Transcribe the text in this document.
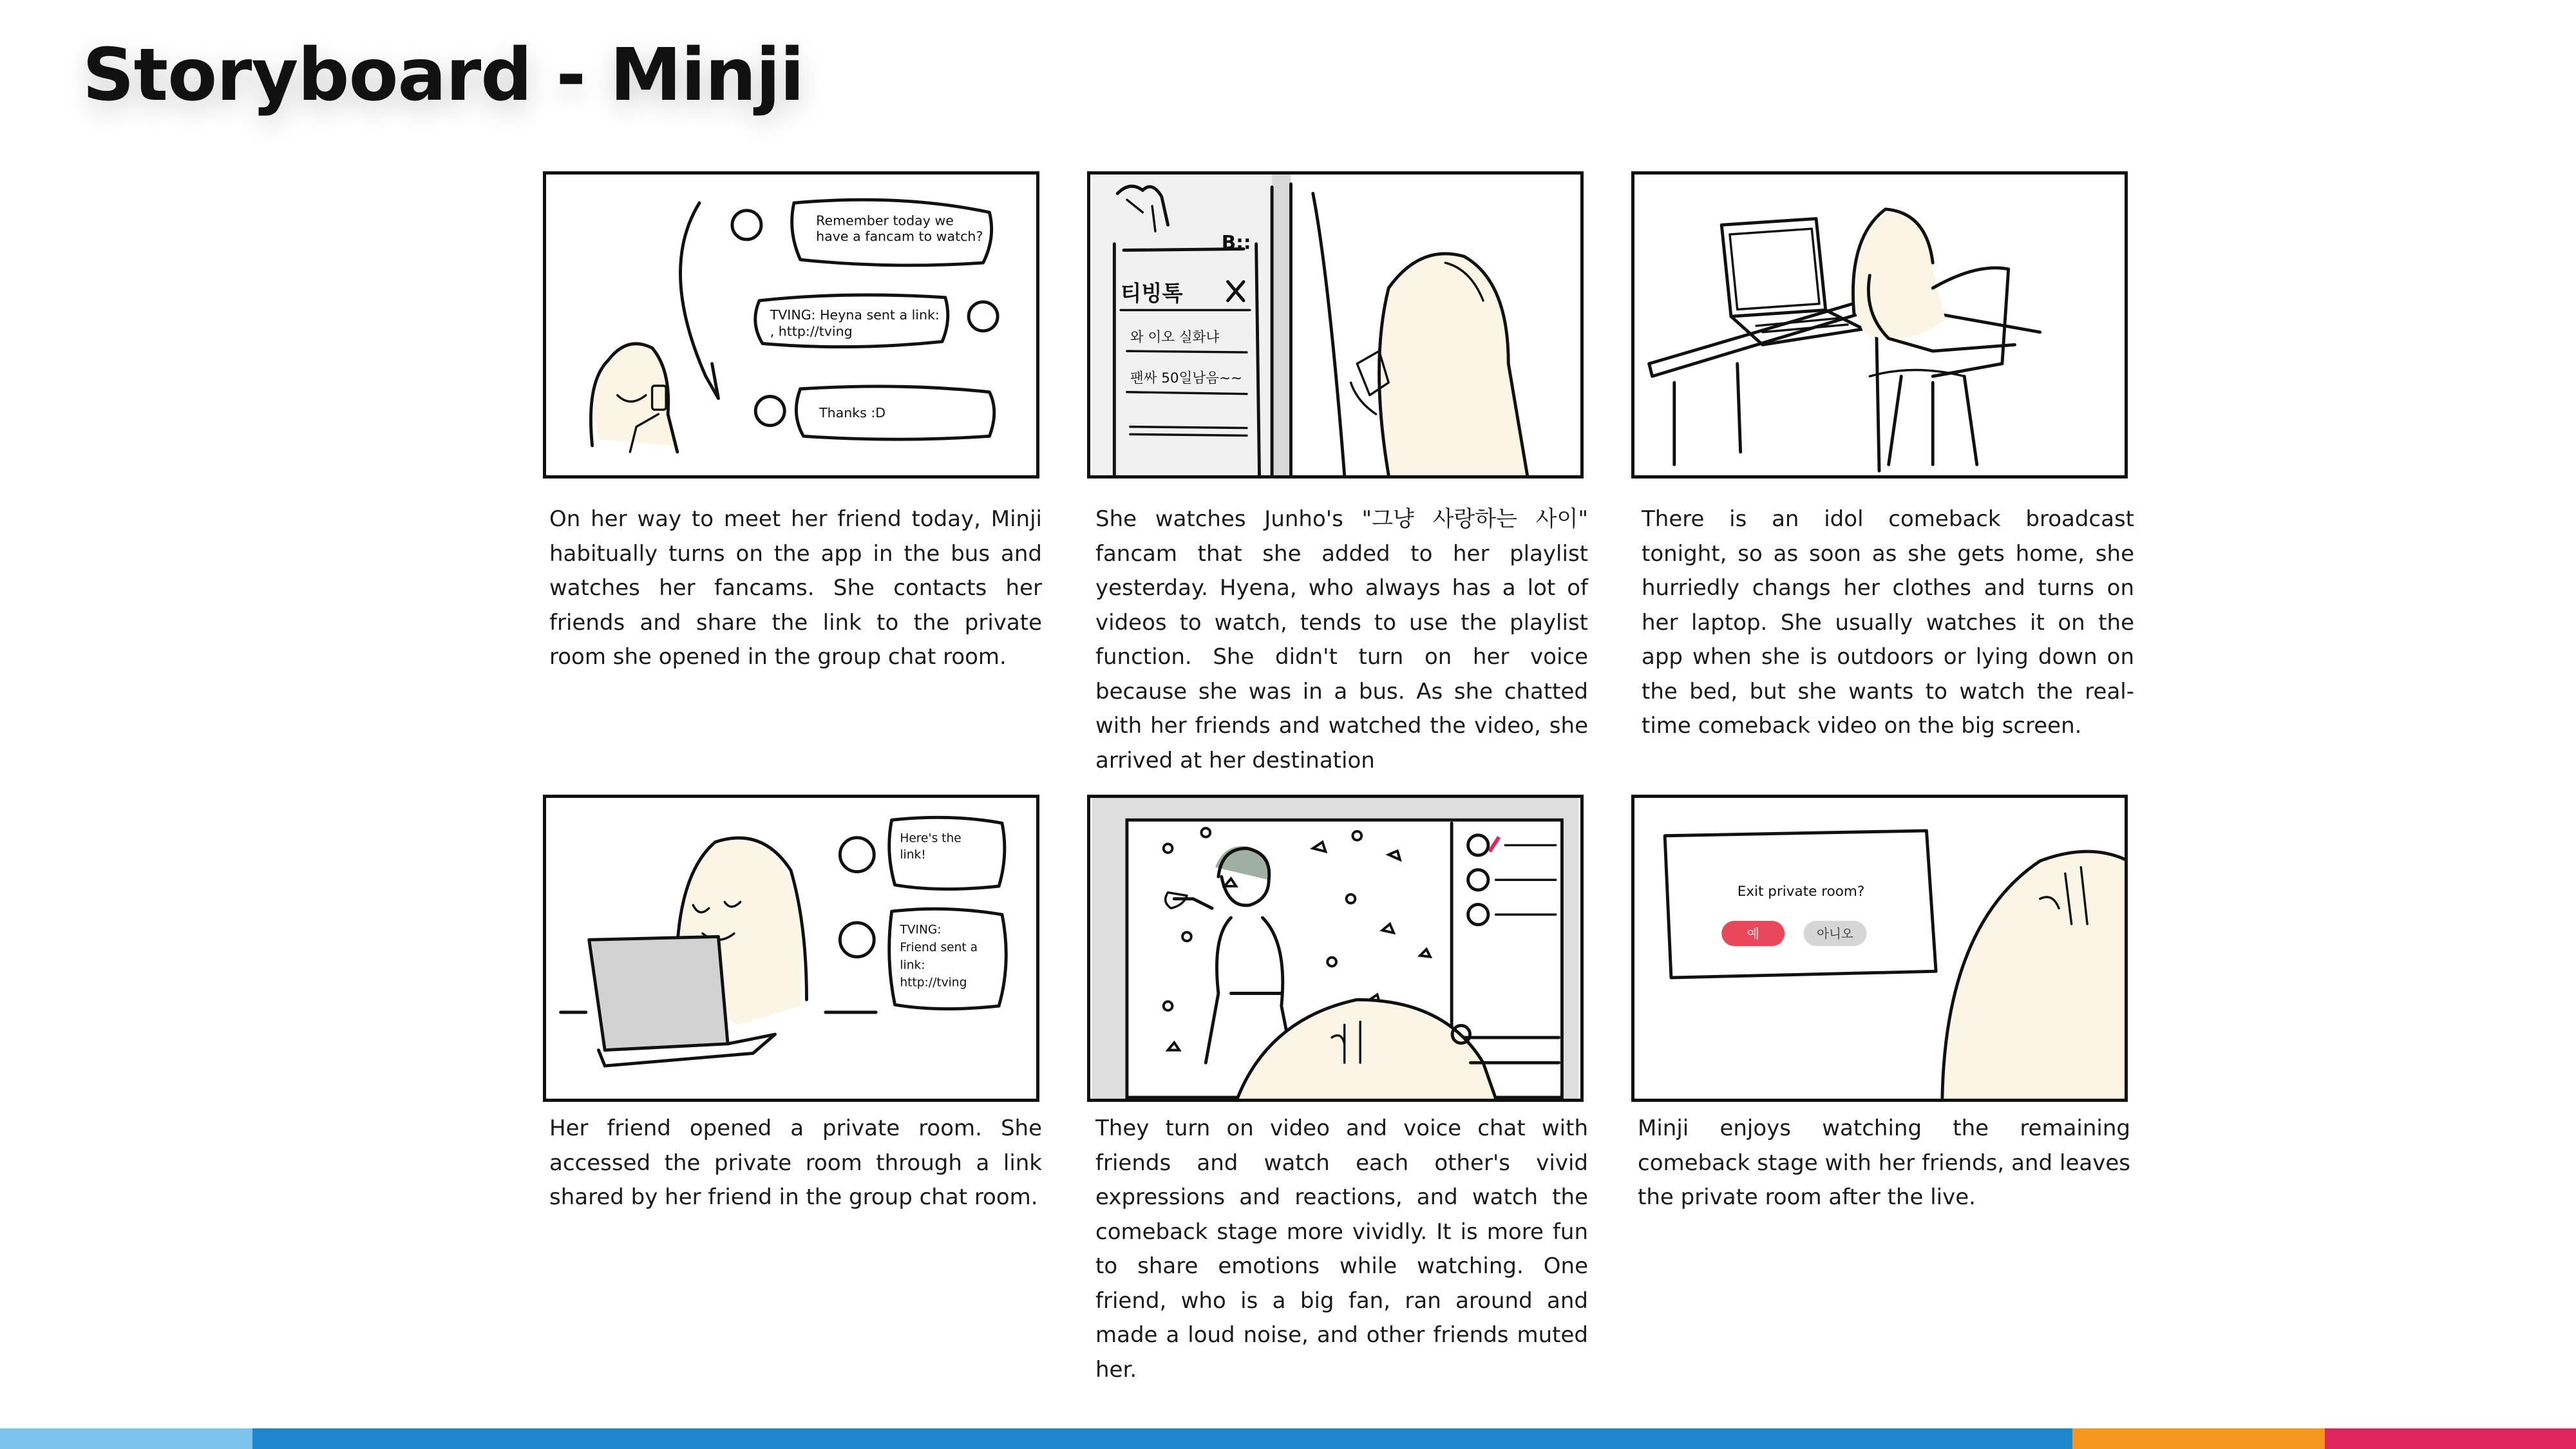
Storyboard - Minji
Remember today we
have a fancam to watch?
TVING: Heyna sent a link:
, http://tving
Thanks :D
On her way to meet her friend today, Minji habitually turns on the app in the bus and watches her fancams. She contacts her friends and share the link to the private room she opened in the group chat room.
B::
티빙톡
와 이오 실화냐
팬싸 50일남음~~
She watches Junho's "그냥 사랑하는 사이" fancam that she added to her playlist yesterday. Hyena, who always has a lot of videos to watch, tends to use the playlist function. She didn't turn on her voice because she was in a bus. As she chatted with her friends and watched the video, she arrived at her destination
There is an idol comeback broadcast tonight, so as soon as she gets home, she hurriedly changs her clothes and turns on her laptop. She usually watches it on the app when she is outdoors or lying down on the bed, but she wants to watch the real-time comeback video on the big screen.
Here's the
link!
TVING:
Friend sent a
link:
http://tving
Her friend opened a private room. She accessed the private room through a link shared by her friend in the group chat room.
They turn on video and voice chat with friends and watch each other's vivid expressions and reactions, and watch the comeback stage more vividly. It is more fun to share emotions while watching. One friend, who is a big fan, ran around and made a loud noise, and other friends muted her.
Exit private room?
예	아니오
Minji enjoys watching the remaining comeback stage with her friends, and leaves the private room after the live.
